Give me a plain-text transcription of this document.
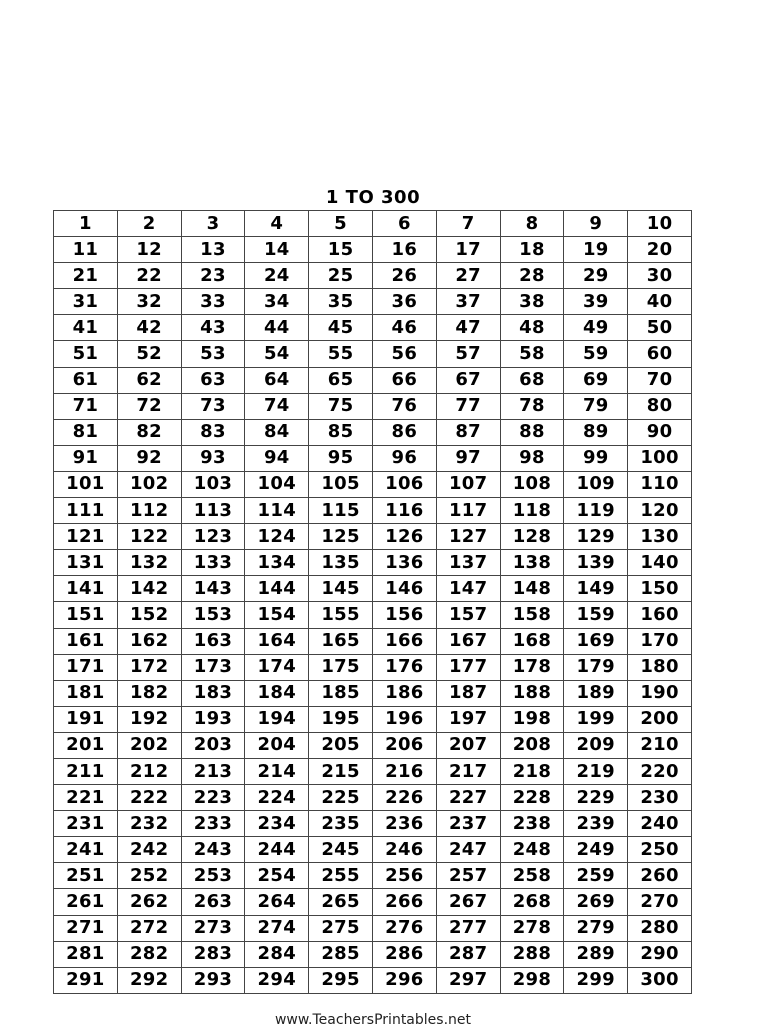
1 TO 300
1	2	3	4	5	6	7	8	9	10
11	12	13	14	15	16	17	18	19	20
21	22	23	24	25	26	27	28	29	30
31	32	33	34	35	36	37	38	39	40
41	42	43	44	45	46	47	48	49	50
51	52	53	54	55	56	57	58	59	60
61	62	63	64	65	66	67	68	69	70
71	72	73	74	75	76	77	78	79	80
81	82	83	84	85	86	87	88	89	90
91	92	93	94	95	96	97	98	99	100
101	102	103	104	105	106	107	108	109	110
111	112	113	114	115	116	117	118	119	120
121	122	123	124	125	126	127	128	129	130
131	132	133	134	135	136	137	138	139	140
141	142	143	144	145	146	147	148	149	150
151	152	153	154	155	156	157	158	159	160
161	162	163	164	165	166	167	168	169	170
171	172	173	174	175	176	177	178	179	180
181	182	183	184	185	186	187	188	189	190
191	192	193	194	195	196	197	198	199	200
201	202	203	204	205	206	207	208	209	210
211	212	213	214	215	216	217	218	219	220
221	222	223	224	225	226	227	228	229	230
231	232	233	234	235	236	237	238	239	240
241	242	243	244	245	246	247	248	249	250
251	252	253	254	255	256	257	258	259	260
261	262	263	264	265	266	267	268	269	270
271	272	273	274	275	276	277	278	279	280
281	282	283	284	285	286	287	288	289	290
291	292	293	294	295	296	297	298	299	300
www.TeachersPrintables.net
